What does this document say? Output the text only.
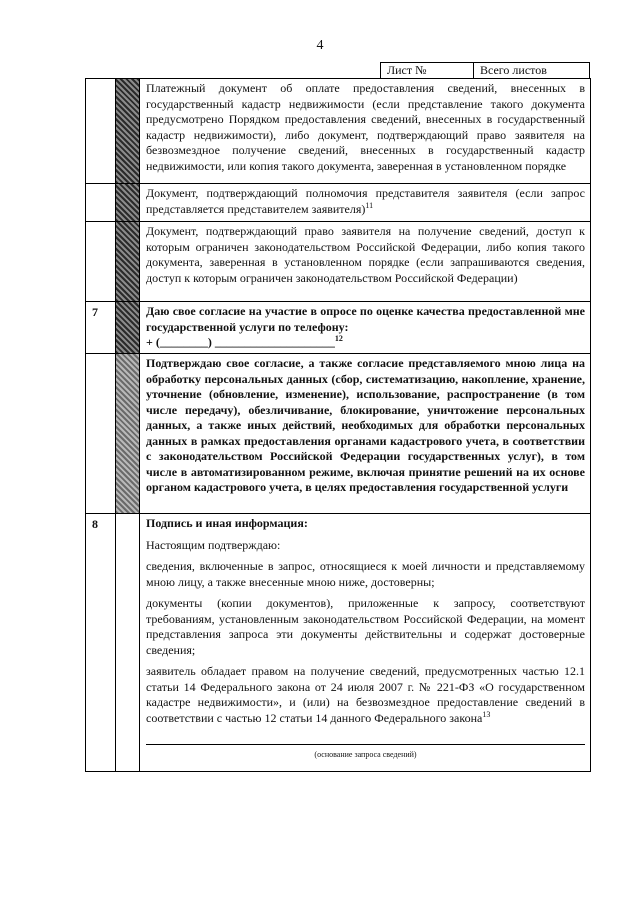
4
Лист №	Всего листов
Платежный документ об оплате предоставления сведений, внесенных в государственный кадастр недвижимости (если представление такого документа предусмотрено Порядком предоставления сведений, внесенных в государственный кадастр недвижимости), либо документ, подтверждающий право заявителя на безвозмездное получение сведений, внесенных в государственный кадастр недвижимости, или копия такого документа, заверенная в установленном порядке
Документ, подтверждающий полномочия представителя заявителя (если запрос представляется представителем заявителя)$^{11}$
Документ, подтверждающий право заявителя на получение сведений, доступ к которым ограничен законодательством Российской Федерации, либо копия такого документа, заверенная в установленном порядке (если запрашиваются сведения, доступ к которым ограничен законодательством Российской Федерации)
7	Даю свое согласие на участие в опросе по оценке качества предоставленной мне государственной услуги по телефону:
+ (________) ____________________$^{12}$
Подтверждаю свое согласие, а также согласие представляемого мною лица на обработку персональных данных (сбор, систематизацию, накопление, хранение, уточнение (обновление, изменение), использование, распространение (в том числе передачу), обезличивание, блокирование, уничтожение персональных данных, а также иных действий, необходимых для обработки персональных данных в рамках предоставления органами кадастрового учета, в соответствии с законодательством Российской Федерации государственных услуг), в том числе в автоматизированном режиме, включая принятие решений на их основе органом кадастрового учета, в целях предоставления государственной услуги
8	Подпись и иная информация:
Настоящим подтверждаю:
сведения, включенные в запрос, относящиеся к моей личности и представляемому мною лицу, а также внесенные мною ниже, достоверны;
документы (копии документов), приложенные к запросу, соответствуют требованиям, установленным законодательством Российской Федерации, на момент представления запроса эти документы действительны и содержат достоверные сведения;
заявитель обладает правом на получение сведений, предусмотренных частью 12.1 статьи 14 Федерального закона от 24 июля 2007 г. № 221-ФЗ «О государственном кадастре недвижимости», и (или) на безвозмездное предоставление сведений в соответствии с частью 12 статьи 14 данного Федерального закона$^{13}$
(основание запроса сведений)
